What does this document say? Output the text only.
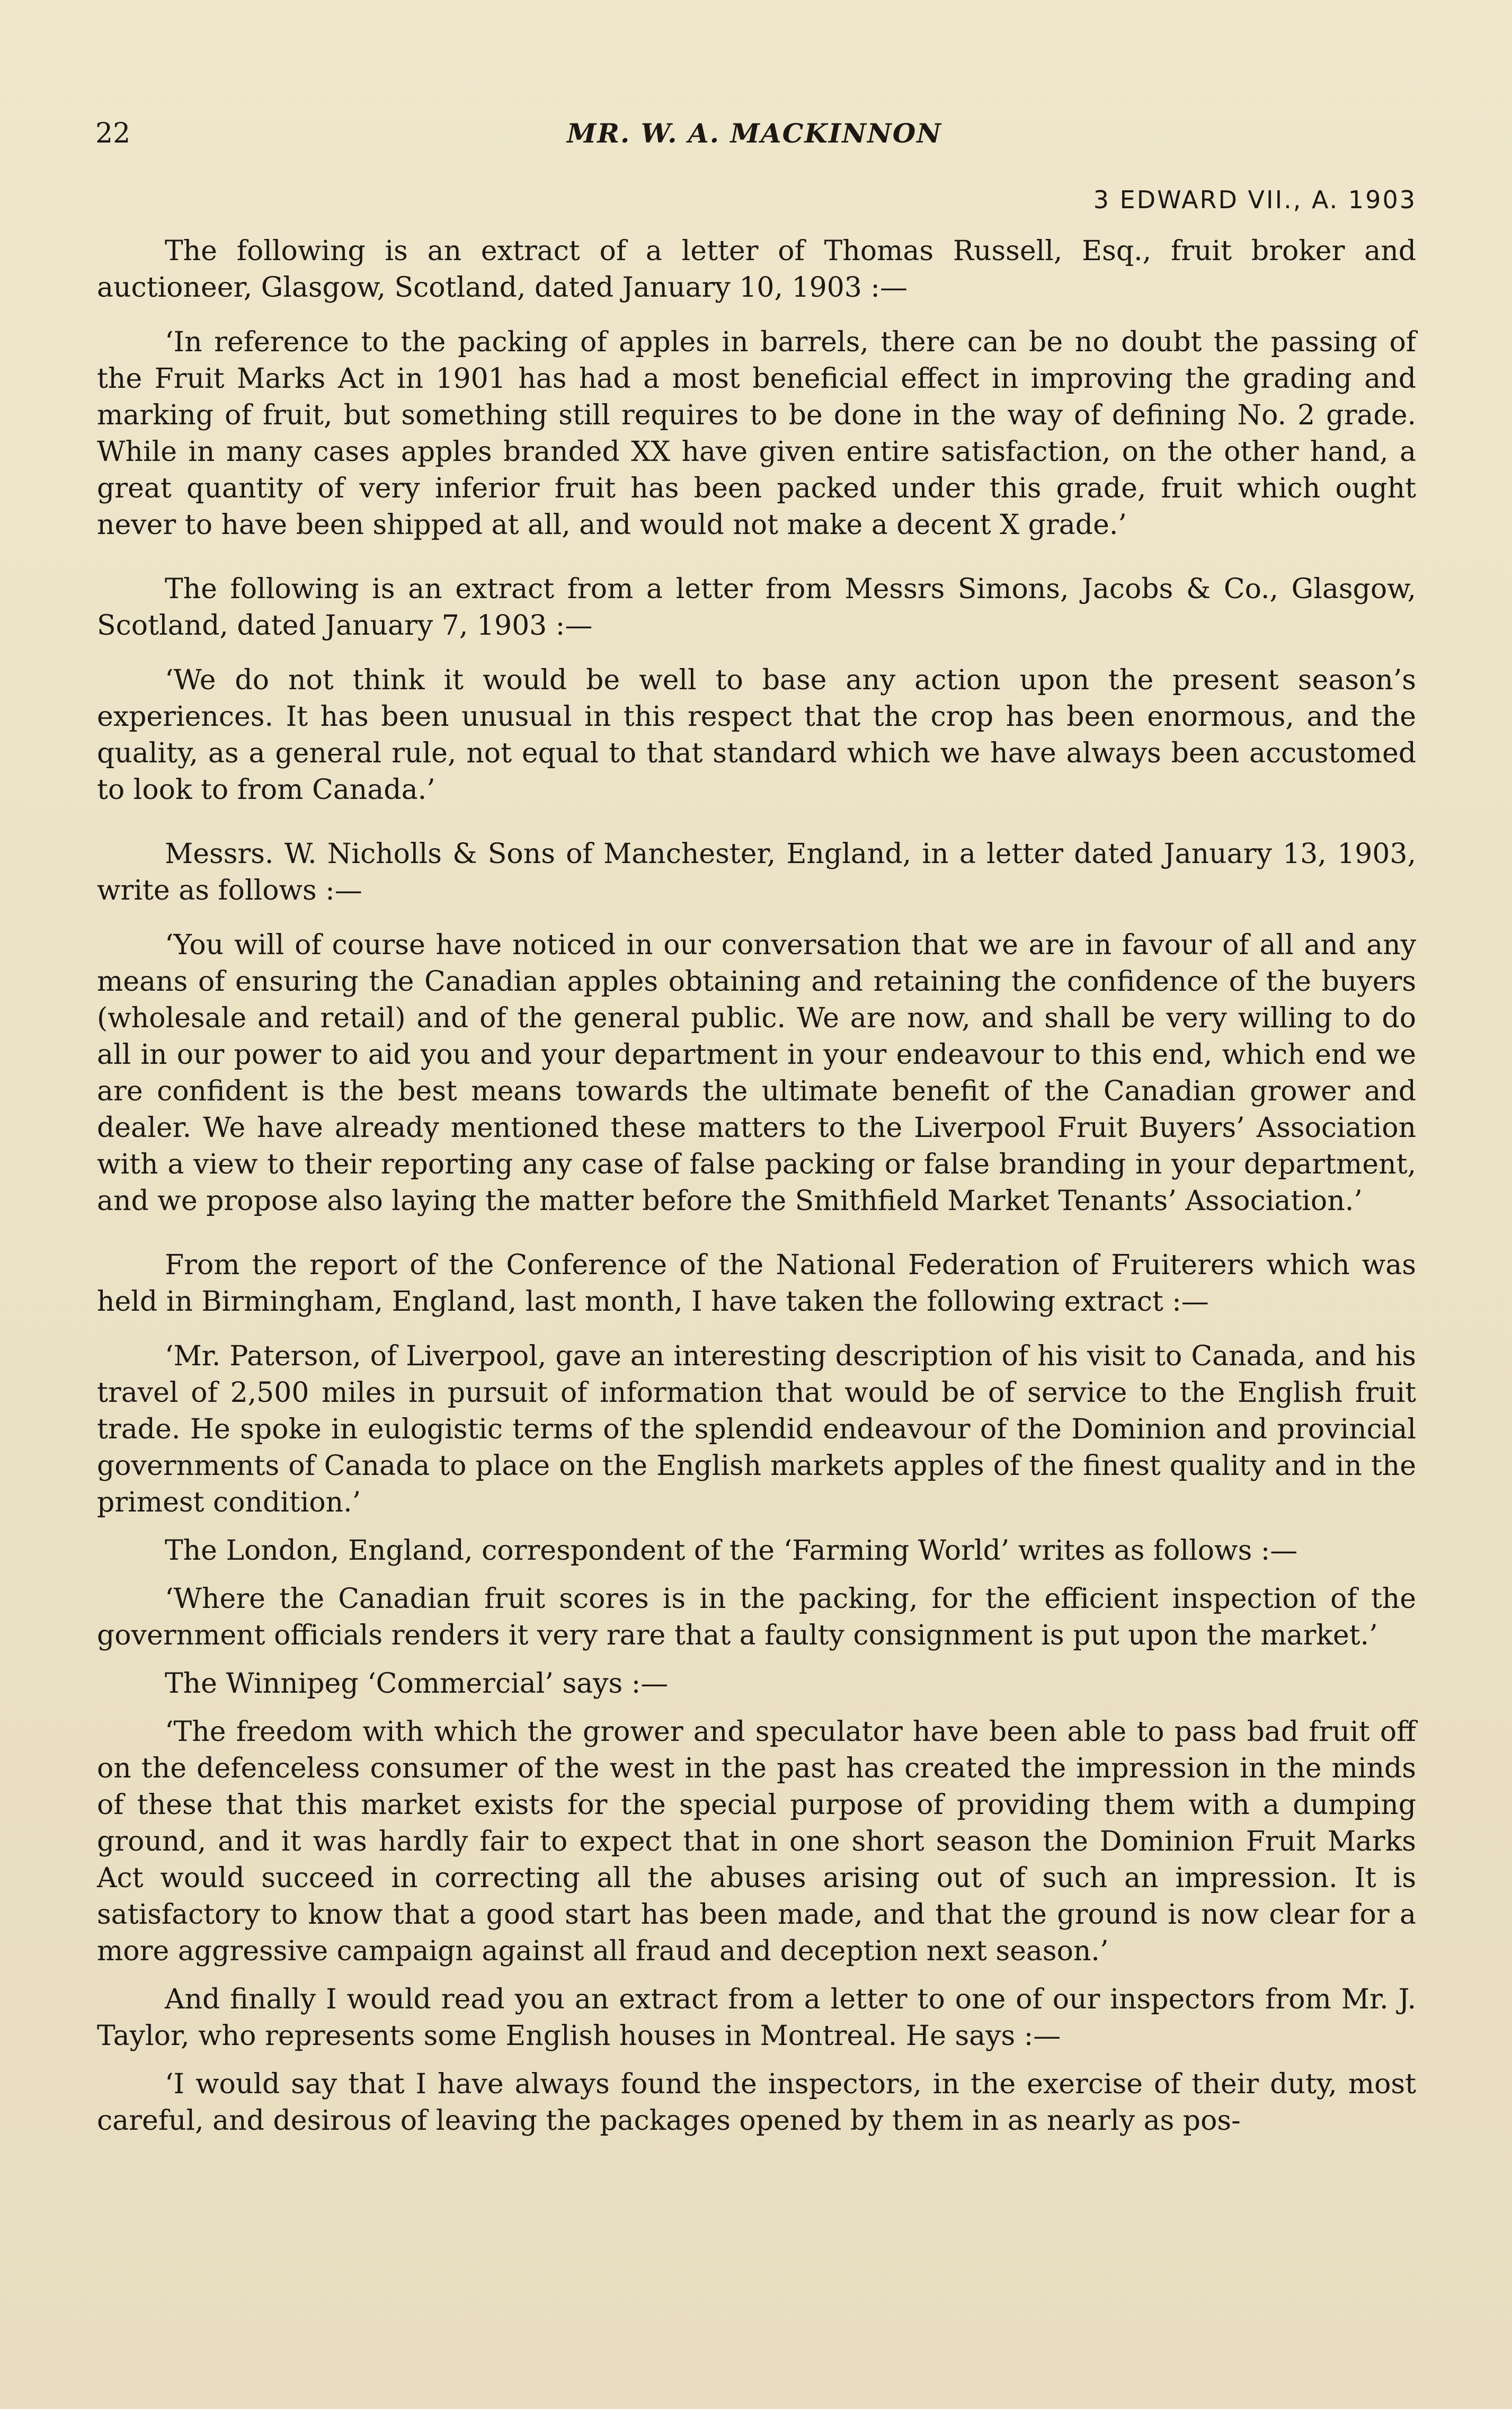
22	MR. W. A. MACKINNON
3 EDWARD VII., A. 1903

The following is an extract of a letter of Thomas Russell, Esq., fruit broker and auctioneer, Glasgow, Scotland, dated January 10, 1903 :—

‘In reference to the packing of apples in barrels, there can be no doubt the passing of the Fruit Marks Act in 1901 has had a most beneficial effect in improving the grading and marking of fruit, but something still requires to be done in the way of defining No. 2 grade. While in many cases apples branded XX have given entire satisfaction, on the other hand, a great quantity of very inferior fruit has been packed under this grade, fruit which ought never to have been shipped at all, and would not make a decent X grade.’

The following is an extract from a letter from Messrs Simons, Jacobs & Co., Glasgow, Scotland, dated January 7, 1903 :—

‘We do not think it would be well to base any action upon the present season’s experiences. It has been unusual in this respect that the crop has been enormous, and the quality, as a general rule, not equal to that standard which we have always been accustomed to look to from Canada.’

Messrs. W. Nicholls & Sons of Manchester, England, in a letter dated January 13, 1903, write as follows :—

‘You will of course have noticed in our conversation that we are in favour of all and any means of ensuring the Canadian apples obtaining and retaining the confidence of the buyers (wholesale and retail) and of the general public. We are now, and shall be very willing to do all in our power to aid you and your department in your endeavour to this end, which end we are confident is the best means towards the ultimate benefit of the Canadian grower and dealer. We have already mentioned these matters to the Liverpool Fruit Buyers’ Association with a view to their reporting any case of false packing or false branding in your department, and we propose also laying the matter before the Smithfield Market Tenants’ Association.’

From the report of the Conference of the National Federation of Fruiterers which was held in Birmingham, England, last month, I have taken the following extract :—

‘Mr. Paterson, of Liverpool, gave an interesting description of his visit to Canada, and his travel of 2,500 miles in pursuit of information that would be of service to the English fruit trade. He spoke in eulogistic terms of the splendid endeavour of the Dominion and provincial governments of Canada to place on the English markets apples of the finest quality and in the primest condition.’

The London, England, correspondent of the ‘Farming World’ writes as follows :—

‘Where the Canadian fruit scores is in the packing, for the efficient inspection of the government officials renders it very rare that a faulty consignment is put upon the market.’

The Winnipeg ‘Commercial’ says :—

‘The freedom with which the grower and speculator have been able to pass bad fruit off on the defenceless consumer of the west in the past has created the impression in the minds of these that this market exists for the special purpose of providing them with a dumping ground, and it was hardly fair to expect that in one short season the Dominion Fruit Marks Act would succeed in correcting all the abuses arising out of such an impression. It is satisfactory to know that a good start has been made, and that the ground is now clear for a more aggressive campaign against all fraud and deception next season.’

And finally I would read you an extract from a letter to one of our inspectors from Mr. J. Taylor, who represents some English houses in Montreal. He says :—

‘I would say that I have always found the inspectors, in the exercise of their duty, most careful, and desirous of leaving the packages opened by them in as nearly as pos-
